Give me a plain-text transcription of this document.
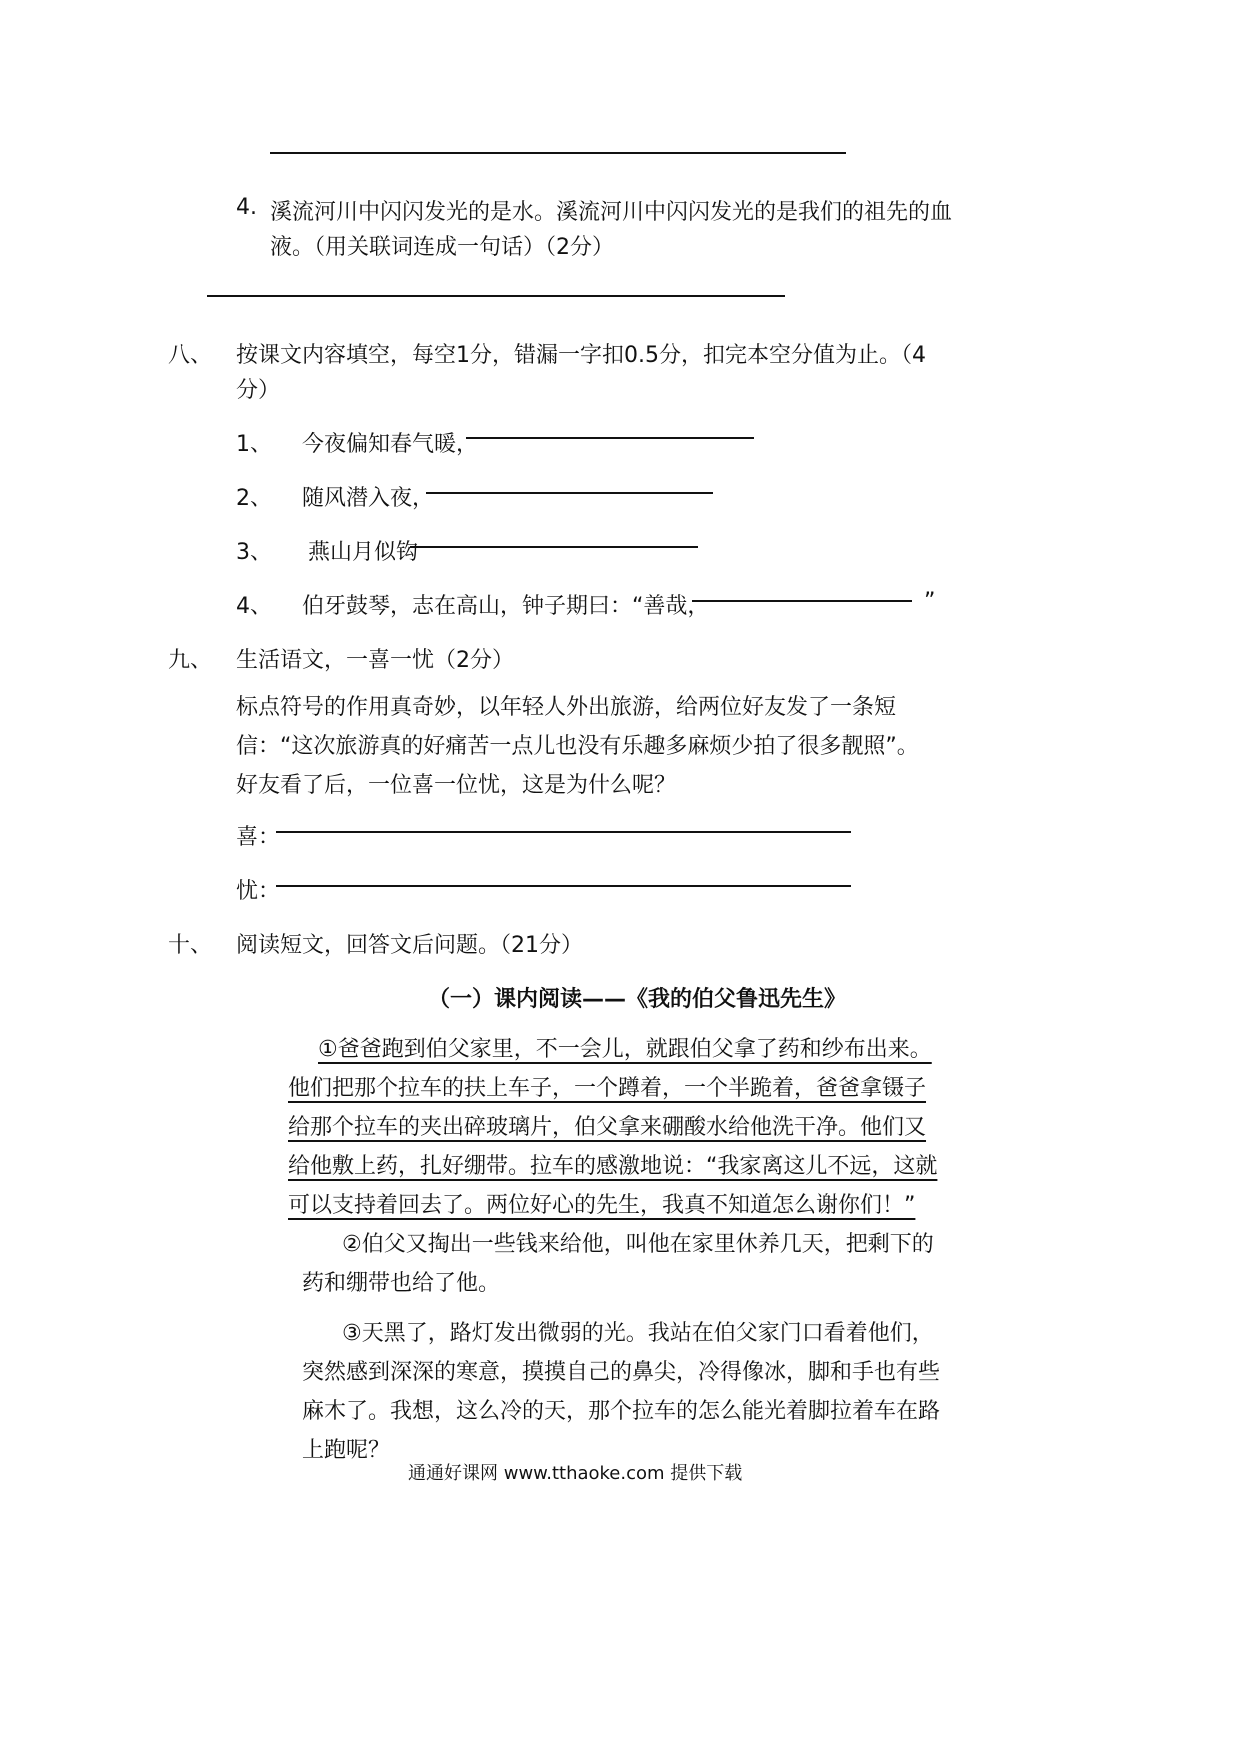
4. 溪流河川中闪闪发光的是水。溪流河川中闪闪发光的是我们的祖先的血
液。（用关联词连成一句话）（2分）
八、 按课文内容填空，每空1分，错漏一字扣0.5分，扣完本空分值为止。（4
分）
1、 今夜偏知春气暖，
2、 随风潜入夜，
3、 燕山月似钩
4、 伯牙鼓琴，志在高山，钟子期曰：“善哉，	”
九、 生活语文，一喜一忧（2分）
标点符号的作用真奇妙，以年轻人外出旅游，给两位好友发了一条短信：“这次旅游真的好痛苦一点儿也没有乐趣多麻烦少拍了很多靓照”。好友看了后，一位喜一位忧，这是为什么呢？
喜：
忧：
十、 阅读短文，回答文后问题。（21分）
（一）课内阅读——《我的伯父鲁迅先生》
①爸爸跑到伯父家里，不一会儿，就跟伯父拿了药和纱布出来。他们把那个拉车的扶上车子，一个蹲着，一个半跪着，爸爸拿镊子给那个拉车的夹出碎玻璃片，伯父拿来硼酸水给他洗干净。他们又给他敷上药，扎好绷带。拉车的感激地说：“我家离这儿不远，这就可以支持着回去了。两位好心的先生，我真不知道怎么谢你们！”
②伯父又掏出一些钱来给他，叫他在家里休养几天，把剩下的药和绷带也给了他。
③天黑了，路灯发出微弱的光。我站在伯父家门口看着他们，突然感到深深的寒意，摸摸自己的鼻尖，冷得像冰，脚和手也有些麻木了。我想，这么冷的天，那个拉车的怎么能光着脚拉着车在路上跑呢？
通通好课网 www.tthaoke.com 提供下载
